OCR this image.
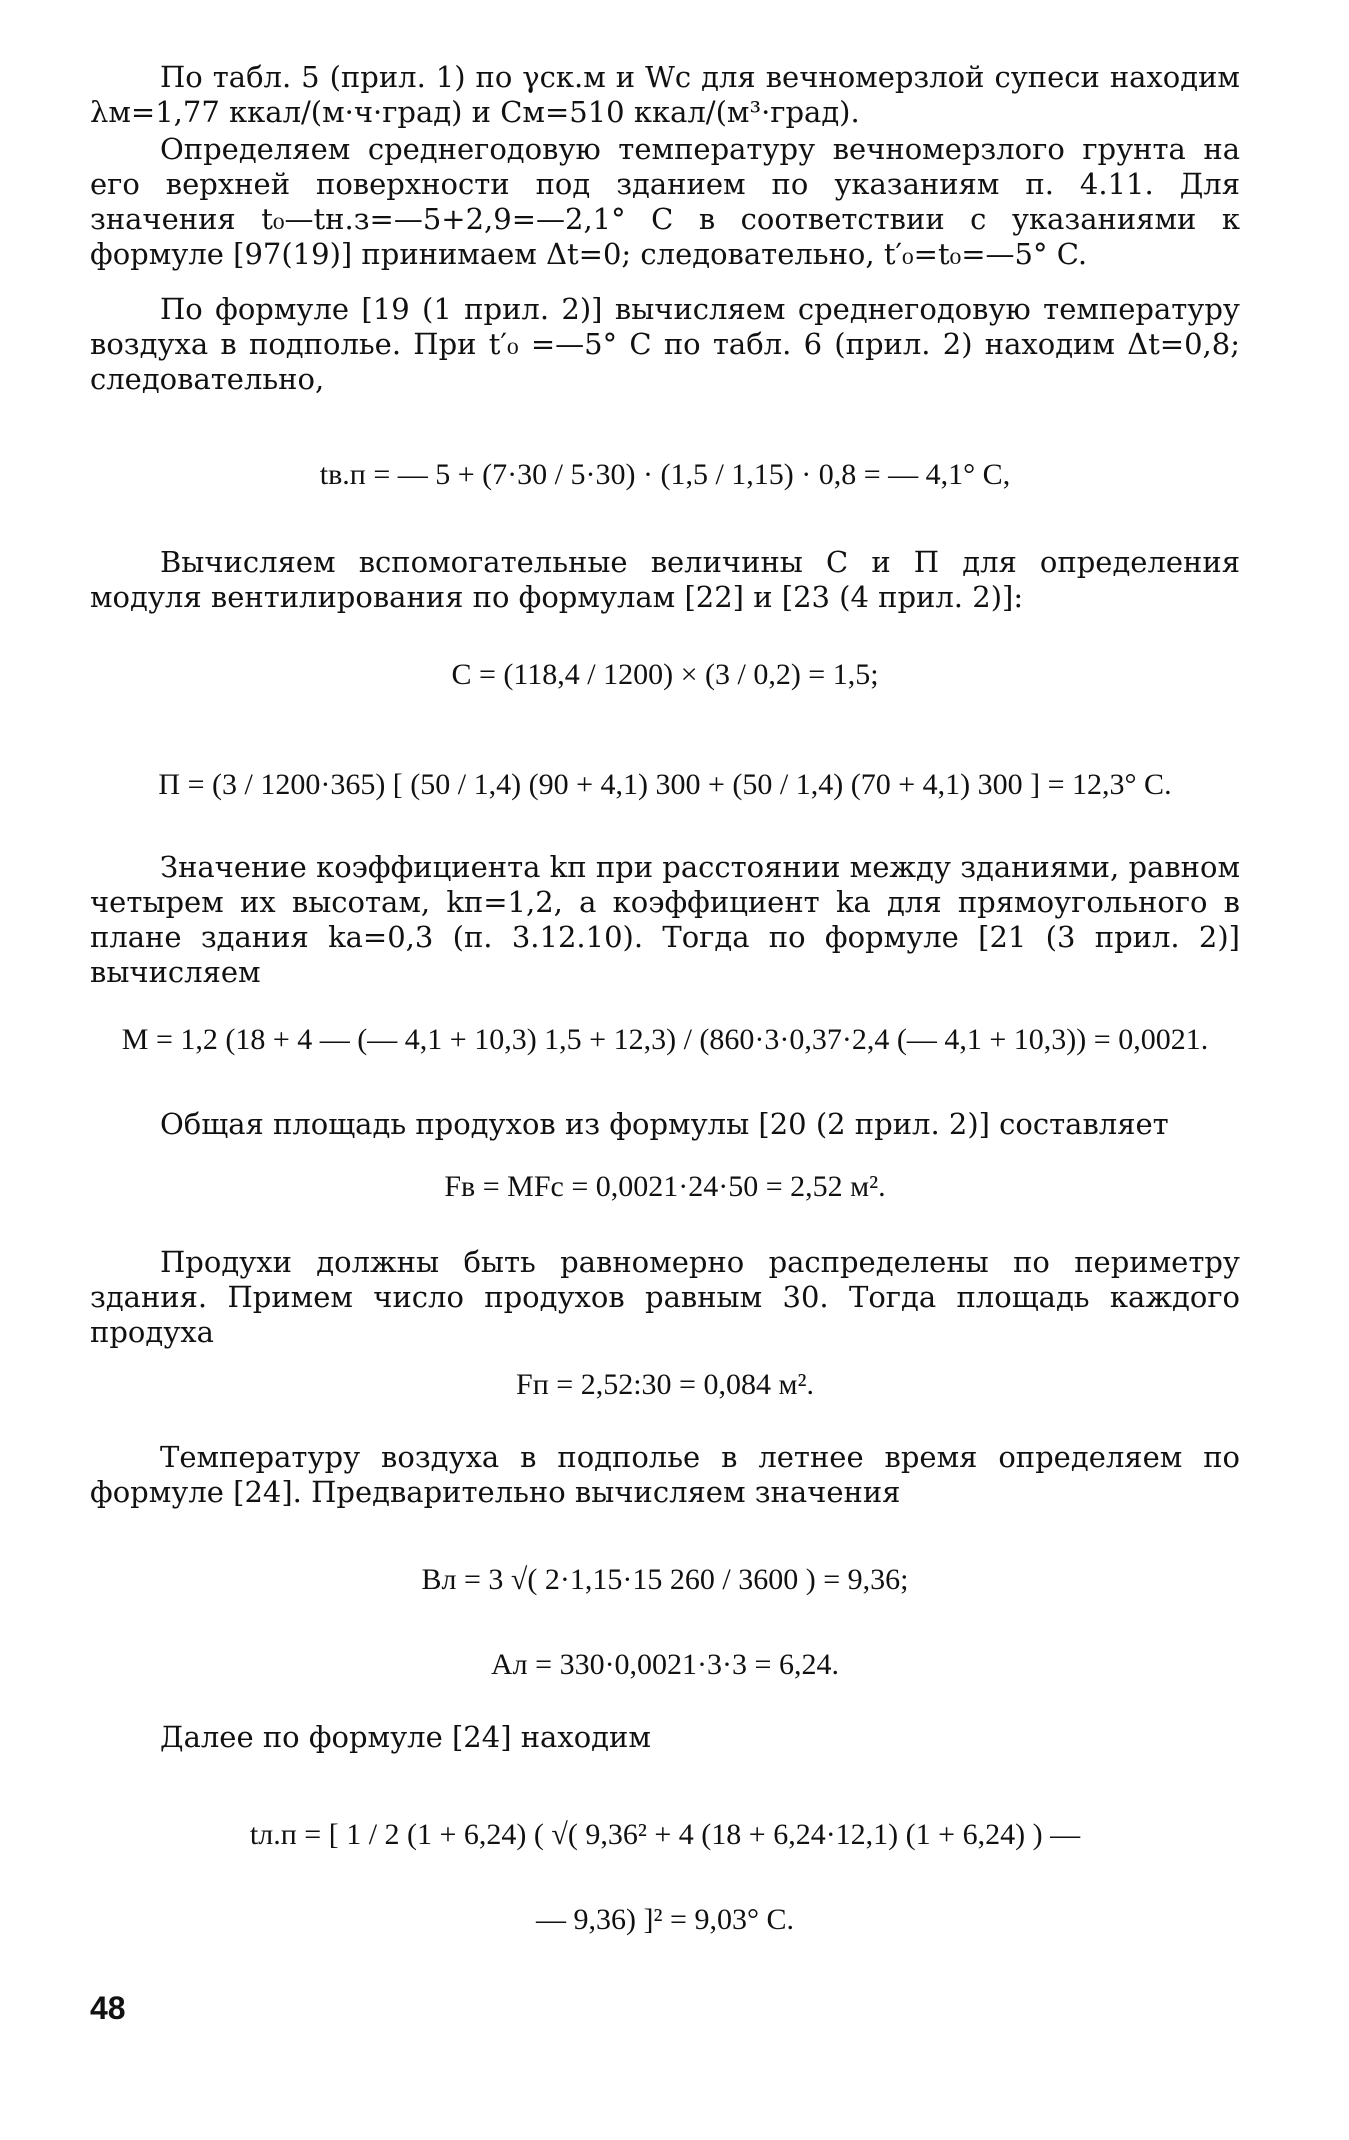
По табл. 5 (прил. 1) по γск.м и Wс для вечномерзлой супеси находим λм=1,77 ккал/(м·ч·град) и Cм=510 ккал/(м³·град).
Определяем среднегодовую температуру вечномерзлого грунта на его верхней поверхности под зданием по указаниям п. 4.11. Для значения t₀—tн.з=—5+2,9=—2,1° C в соответствии с указаниями к формуле [97(19)] принимаем Δt=0; следовательно, t′₀=t₀=—5° C.
По формуле [19 (1 прил. 2)] вычисляем среднегодовую температуру воздуха в подполье. При t′₀ =—5° C по табл. 6 (прил. 2) находим Δt=0,8; следовательно,
tв.п = — 5 + (7·30 / 5·30) · (1,5 / 1,15) · 0,8 = — 4,1° C,
Вычисляем вспомогательные величины C и П для определения модуля вентилирования по формулам [22] и [23 (4 прил. 2)]:
C = (118,4 / 1200) × (3 / 0,2) = 1,5;
П = (3 / 1200·365) [ (50 / 1,4) (90 + 4,1) 300 + (50 / 1,4) (70 + 4,1) 300 ] = 12,3° C.
Значение коэффициента kп при расстоянии между зданиями, равном четырем их высотам, kп=1,2, а коэффициент kа для прямоугольного в плане здания kа=0,3 (п. 3.12.10). Тогда по формуле [21 (3 прил. 2)] вычисляем
M = 1,2 (18 + 4 — (— 4,1 + 10,3) 1,5 + 12,3) / (860·3·0,37·2,4 (— 4,1 + 10,3)) = 0,0021.
Общая площадь продухов из формулы [20 (2 прил. 2)] составляет
Fв = MFс = 0,0021·24·50 = 2,52 м².
Продухи должны быть равномерно распределены по периметру здания. Примем число продухов равным 30. Тогда площадь каждого продуха
Fп = 2,52:30 = 0,084 м².
Температуру воздуха в подполье в летнее время определяем по формуле [24]. Предварительно вычисляем значения
Bл = 3 √( 2·1,15·15 260 / 3600 ) = 9,36;
Aл = 330·0,0021·3·3 = 6,24.
Далее по формуле [24] находим
tл.п = [ 1 / 2 (1 + 6,24) ( √( 9,36² + 4 (18 + 6,24·12,1) (1 + 6,24) ) —
— 9,36) ]² = 9,03° C.
48
